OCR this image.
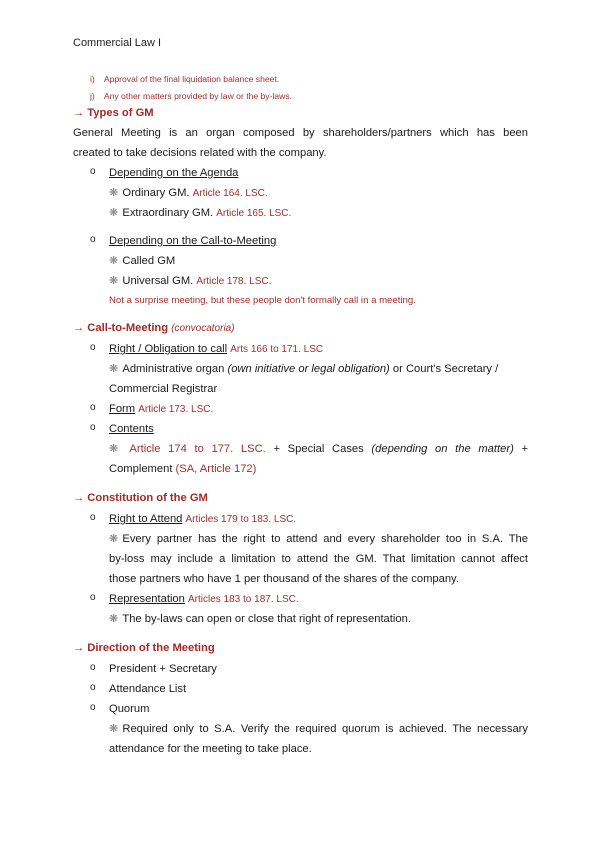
Commercial Law I
i) Approval of the final liquidation balance sheet.
j) Any other matters provided by law or the by-laws.
→ Types of GM
General Meeting is an organ composed by shareholders/partners which has been
created to take decisions related with the company.
o Depending on the Agenda
❋ Ordinary GM. Article 164. LSC.
❋ Extraordinary GM. Article 165. LSC.
o Depending on the Call-to-Meeting
❋ Called GM
❋ Universal GM. Article 178. LSC.
Not a surprise meeting, but these people don't formally call in a meeting.
→ Call-to-Meeting (convocatoria)
o Right / Obligation to call Arts 166 to 171. LSC
❋ Administrative organ (own initiative or legal obligation) or Court's Secretary /
Commercial Registrar
o Form Article 173. LSC.
o Contents
❋ Article 174 to 177. LSC. + Special Cases (depending on the matter) +
Complement (SA, Article 172)
→ Constitution of the GM
o Right to Attend Articles 179 to 183. LSC.
❋ Every partner has the right to attend and every shareholder too in S.A. The
by-loss may include a limitation to attend the GM. That limitation cannot affect
those partners who have 1 per thousand of the shares of the company.
o Representation Articles 183 to 187. LSC.
❋ The by-laws can open or close that right of representation.
→ Direction of the Meeting
o President + Secretary
o Attendance List
o Quorum
❋ Required only to S.A. Verify the required quorum is achieved. The necessary
attendance for the meeting to take place.
